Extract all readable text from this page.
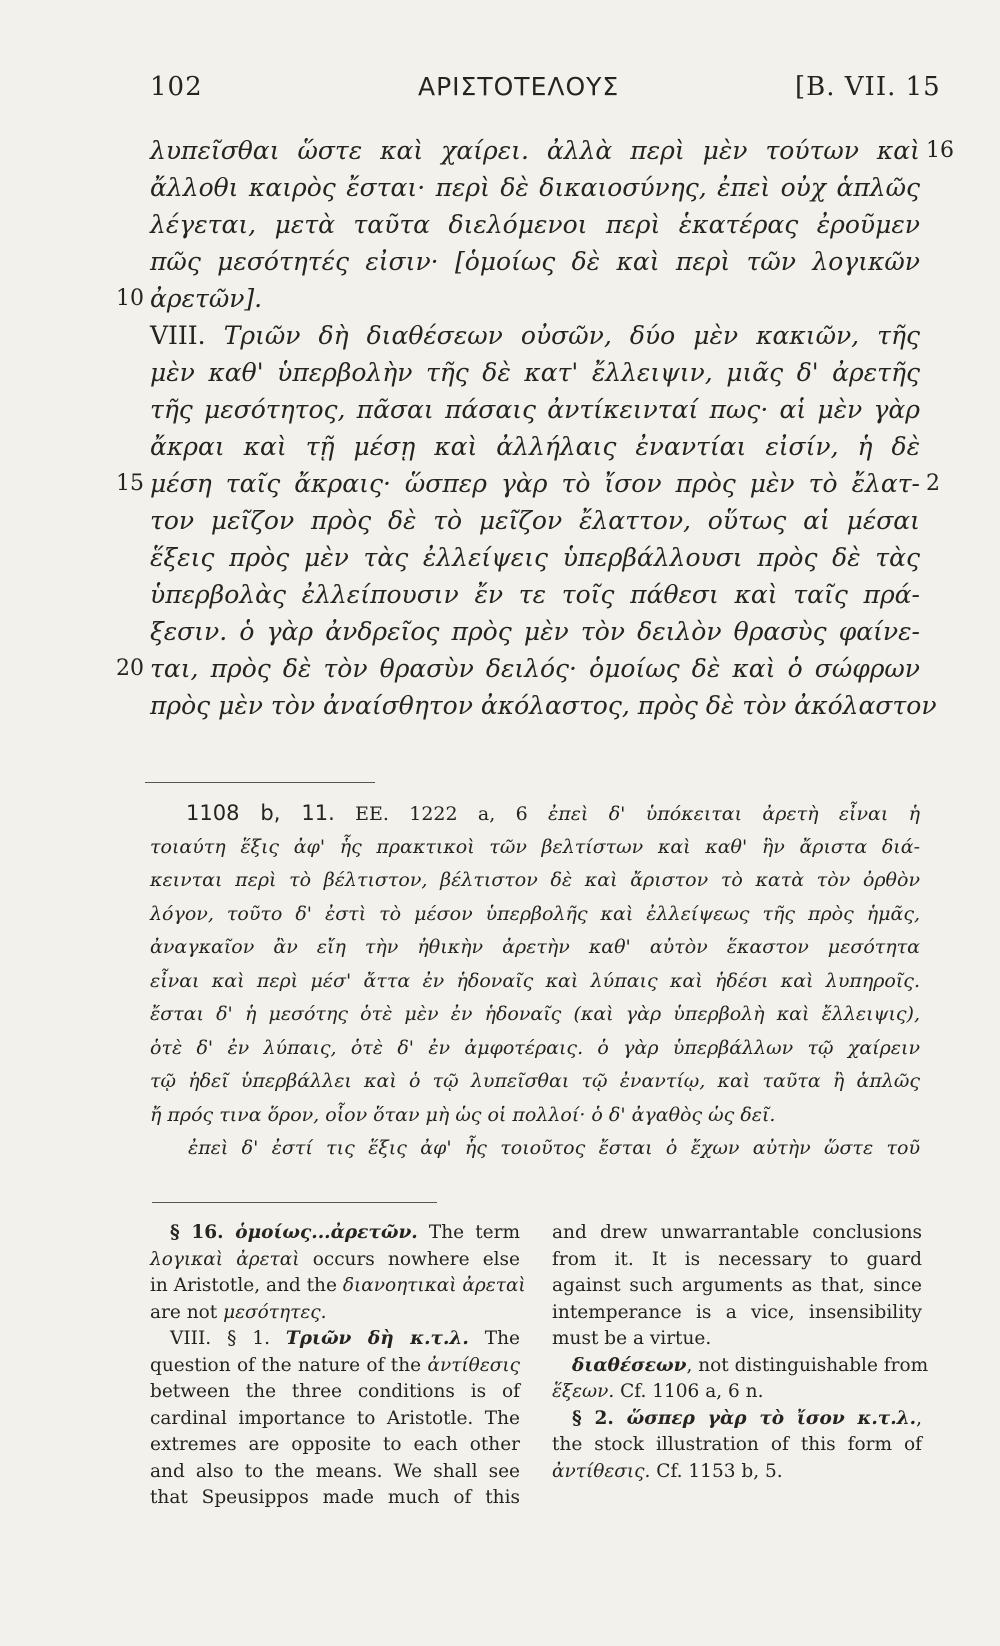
102	ΑΡΙΣΤΟΤΕΛΟΥΣ	[B. VII. 15
λυπεῖσθαι ὥστε καὶ χαίρει. ἀλλὰ περὶ μὲν τούτων καὶ 16
ἄλλοθι καιρὸς ἔσται· περὶ δὲ δικαιοσύνης, ἐπεὶ οὐχ ἁπλῶς
λέγεται, μετὰ ταῦτα διελόμενοι περὶ ἑκατέρας ἐροῦμεν
πῶς μεσότητές εἰσιν· [ὁμοίως δὲ καὶ περὶ τῶν λογικῶν
ἀρετῶν].
10
VIII. Τριῶν δὴ διαθέσεων οὐσῶν, δύο μὲν κακιῶν, τῆς
μὲν καθ' ὑπερβολὴν τῆς δὲ κατ' ἔλλειψιν, μιᾶς δ' ἀρετῆς
τῆς μεσότητος, πᾶσαι πάσαις ἀντίκεινταί πως· αἱ μὲν γὰρ
ἄκραι καὶ τῇ μέσῃ καὶ ἀλλήλαις ἐναντίαι εἰσίν, ἡ δὲ
μέση ταῖς ἄκραις· ὥσπερ γὰρ τὸ ἴσον πρὸς μὲν τὸ ἔλατ-
15	2
τον μεῖζον πρὸς δὲ τὸ μεῖζον ἔλαττον, οὕτως αἱ μέσαι
ἕξεις πρὸς μὲν τὰς ἐλλείψεις ὑπερβάλλουσι πρὸς δὲ τὰς
ὑπερβολὰς ἐλλείπουσιν ἔν τε τοῖς πάθεσι καὶ ταῖς πρά-
ξεσιν. ὁ γὰρ ἀνδρεῖος πρὸς μὲν τὸν δειλὸν θρασὺς φαίνε-
ται, πρὸς δὲ τὸν θρασὺν δειλός· ὁμοίως δὲ καὶ ὁ σώφρων
20
πρὸς μὲν τὸν ἀναίσθητον ἀκόλαστος, πρὸς δὲ τὸν ἀκόλαστον
1108 b, 11. EE. 1222 a, 6 ἐπεὶ δ' ὑπόκειται ἀρετὴ εἶναι ἡ
τοιαύτη ἕξις ἀφ' ἧς πρακτικοὶ τῶν βελτίστων καὶ καθ' ἣν ἄριστα διά-
κεινται περὶ τὸ βέλτιστον, βέλτιστον δὲ καὶ ἄριστον τὸ κατὰ τὸν ὀρθὸν
λόγον, τοῦτο δ' ἐστὶ τὸ μέσον ὑπερβολῆς καὶ ἐλλείψεως τῆς πρὸς ἡμᾶς,
ἀναγκαῖον ἂν εἴη τὴν ἠθικὴν ἀρετὴν καθ' αὐτὸν ἕκαστον μεσότητα
εἶναι καὶ περὶ μέσ' ἄττα ἐν ἡδοναῖς καὶ λύπαις καὶ ἡδέσι καὶ λυπηροῖς.
ἔσται δ' ἡ μεσότης ὁτὲ μὲν ἐν ἡδοναῖς (καὶ γὰρ ὑπερβολὴ καὶ ἔλλειψις),
ὁτὲ δ' ἐν λύπαις, ὁτὲ δ' ἐν ἀμφοτέραις. ὁ γὰρ ὑπερβάλλων τῷ χαίρειν
τῷ ἡδεῖ ὑπερβάλλει καὶ ὁ τῷ λυπεῖσθαι τῷ ἐναντίῳ, καὶ ταῦτα ἢ ἁπλῶς
ἤ πρός τινα ὅρον, οἷον ὅταν μὴ ὡς οἱ πολλοί· ὁ δ' ἀγαθὸς ὡς δεῖ.
ἐπεὶ δ' ἐστί τις ἕξις ἀφ' ἧς τοιοῦτος ἔσται ὁ ἔχων αὐτὴν ὥστε τοῦ
§ 16. ὁμοίως...ἀρετῶν. The term
λογικαὶ ἀρεταὶ occurs nowhere else
in Aristotle, and the διανοητικαὶ ἀρεταὶ
are not μεσότητες.
VIII. § 1. Τριῶν δὴ κ.τ.λ. The
question of the nature of the ἀντίθεσις
between the three conditions is of
cardinal importance to Aristotle. The
extremes are opposite to each other
and also to the means. We shall see
that Speusippos made much of this
and drew unwarrantable conclusions
from it. It is necessary to guard
against such arguments as that, since
intemperance is a vice, insensibility
must be a virtue.
διαθέσεων, not distinguishable from
ἕξεων. Cf. 1106 a, 6 n.
§ 2. ὥσπερ γὰρ τὸ ἴσον κ.τ.λ.,
the stock illustration of this form of
ἀντίθεσις. Cf. 1153 b, 5.
